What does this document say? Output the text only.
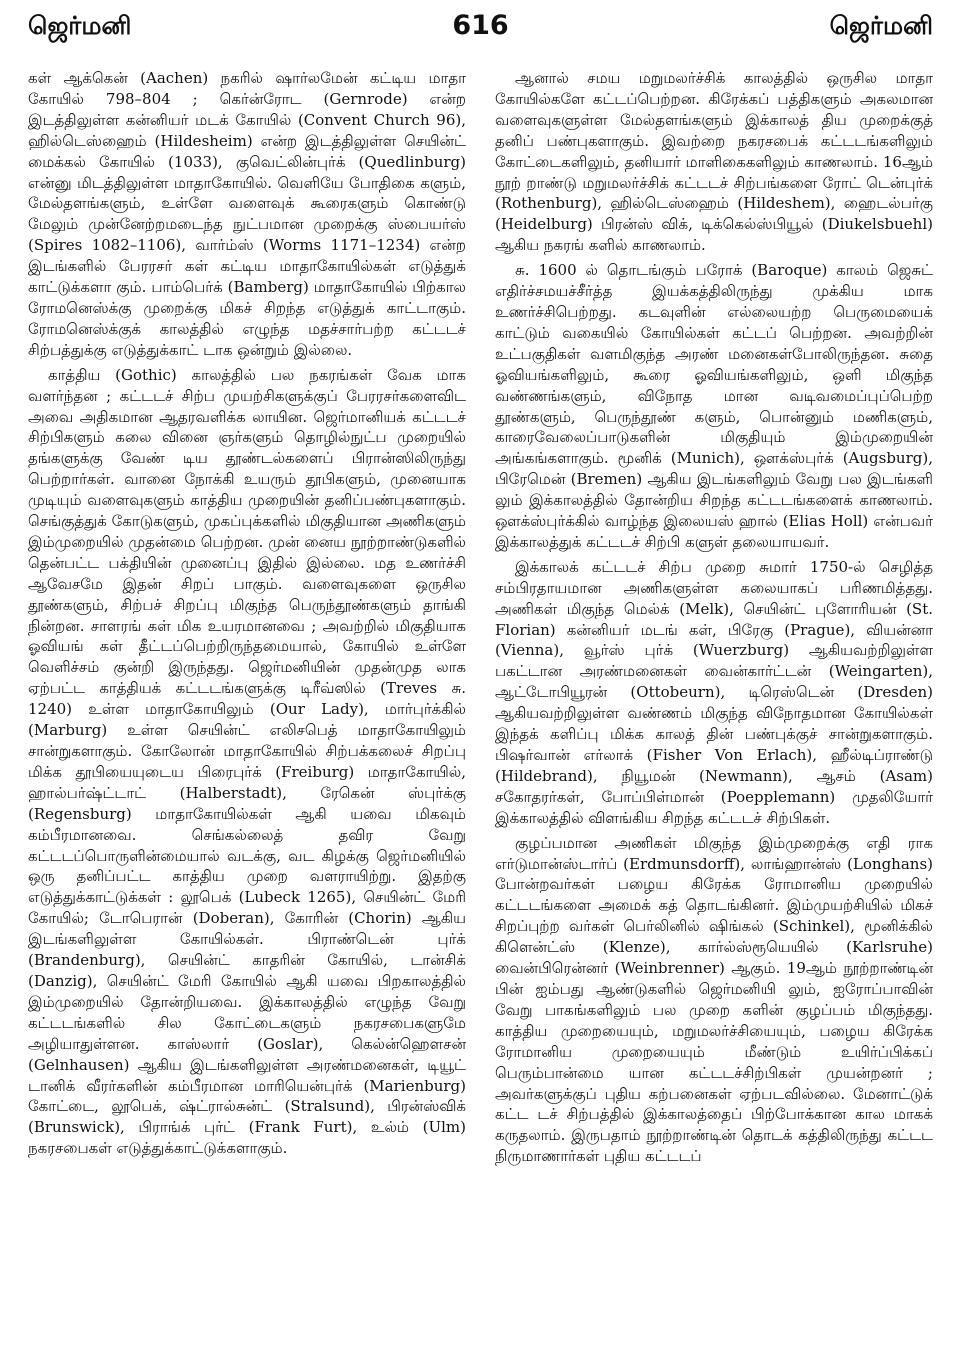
ஜெர்மனி	616	ஜெர்மனி

கள் ஆக்கென் (Aachen) நகரில் ஷார்லமேன் கட்டிய மாதா கோயில் 798–804 ; கெர்ன்ரோட (Gernrode) என்ற இடத்திலுள்ள கன்னியர் மடக் கோயில் (Convent Church 96), ஹில்டெஸ்ஹைம் (Hildesheim) என்ற இடத்திலுள்ள செயின்ட் மைக்கல் கோயில் (1033), குவெட்லின்புர்க் (Quedlinburg) என்னு மிடத்திலுள்ள மாதாகோயில். வெளியே போதிகை களும், மேல்தளங்களும், உள்ளே வளைவுக் கூரைகளும் கொண்டு மேலும் முன்னேற்றமடைந்த நுட்பமான முறைக்கு ஸ்பையர்ஸ் (Spires 1082–1106), வார்ம்ஸ் (Worms 1171–1234) என்ற இடங்களில் பேரரசர் கள் கட்டிய மாதாகோயில்கள் எடுத்துக் காட்டுக்களா கும். பாம்பெர்க் (Bamberg) மாதாகோயில் பிற்கால ரோமனெஸ்க்கு முறைக்கு மிகச் சிறந்த எடுத்துக் காட்டாகும். ரோமனெஸ்க்குக் காலத்தில் எழுந்த மதச்சார்பற்ற கட்டடச் சிற்பத்துக்கு எடுத்துக்காட் டாக ஒன்றும் இல்லை.

காத்திய (Gothic) காலத்தில் பல நகரங்கள் வேக மாக வளர்ந்தன ; கட்டடச் சிற்ப முயற்சிகளுக்குப் பேரரசர்களைவிட அவை அதிகமான ஆதரவளிக்க லாயின. ஜெர்மானியக் கட்டடச் சிற்பிகளும் கலை வினை ஞர்களும் தொழில்நுட்ப முறையில் தங்களுக்கு வேண் டிய தூண்டல்களைப் பிரான்ஸிலிருந்து பெற்றார்கள். வானை நோக்கி உயரும் தூபிகளும், முனையாக முடியும் வளைவுகளும் காத்திய முறையின் தனிப்பண்புகளாகும். செங்குத்துக் கோடுகளும், முகப்புக்களில் மிகுதியான அணிகளும் இம்முறையில் முதன்மை பெற்றன. முன் னைய நூற்றாண்டுகளில் தென்பட்ட பக்தியின் முனைப்பு இதில் இல்லை. மத உணர்ச்சி ஆவேசமே இதன் சிறப் பாகும். வளைவுகளை ஒருசில தூண்களும், சிற்பச் சிறப்பு மிகுந்த பெருந்தூண்களும் தாங்கி நின்றன. சாளரங் கள் மிக உயரமானவை ; அவற்றில் மிகுதியாக ஓவியங் கள் தீட்டப்பெற்றிருந்தமையால், கோயில் உள்ளே வெளிச்சம் குன்றி இருந்தது. ஜெர்மனியின் முதன்முத லாக ஏற்பட்ட காத்தியக் கட்டடங்களுக்கு டிரீவ்ஸில் (Treves சு. 1240) உள்ள மாதாகோயிலும் (Our Lady), மார்புர்க்கில் (Marburg) உள்ள செயின்ட் எலிசபெத் மாதாகோயிலும் சான்றுகளாகும். கோலோன் மாதாகோயில் சிற்பக்கலைச் சிறப்பு மிக்க தூபியையுடைய பிரைபுர்க் (Freiburg) மாதாகோயில், ஹால்பர்ஷ்ட்டாட் (Halberstadt), ரேகென் ஸ்புர்க்கு (Regensburg) மாதாகோயில்கள் ஆகி யவை மிகவும் கம்பீரமானவை. செங்கல்லைத் தவிர வேறு கட்டடப்பொருளின்மையால் வடக்கு, வட கிழக்கு ஜெர்மனியில் ஒரு தனிப்பட்ட காத்திய முறை வளராயிற்று. இதற்கு எடுத்துக்காட்டுக்கள் : லூபெக் (Lubeck 1265), செயின்ட் மேரி கோயில்; டோபெரான் (Doberan), கோரின் (Chorin) ஆகிய இடங்களிலுள்ள கோயில்கள். பிராண்டென் புர்க் (Brandenburg), செயின்ட் காதரின் கோயில், டான்சிக் (Danzig), செயின்ட் மேரி கோயில் ஆகி யவை பிறகாலத்தில் இம்முறையில் தோன்றியவை. இக்காலத்தில் எழுந்த வேறு கட்டடங்களில் சில கோட்டைகளும் நகரசபைகளுமே அழியாதுள்ளன. காஸ்லார் (Goslar), கெல்ன்ஹௌசன் (Gelnhausen) ஆகிய இடங்களிலுள்ள அரண்மனைகள், டியூட் டானிக் வீரர்களின் கம்பீரமான மாரியென்புர்க் (Marienburg) கோட்டை, லூபெக், ஷ்ட்ரால்சுன்ட் (Stralsund), பிரன்ஸ்விக் (Brunswick), பிராங்க் புர்ட் (Frank Furt), உல்ம் (Ulm) நகரசபைகள் எடுத்துக்காட்டுக்களாகும்.

ஆனால் சமய மறுமலர்ச்சிக் காலத்தில் ஒருசில மாதா கோயில்களே கட்டப்பெற்றன. கிரேக்கப் பத்திகளும் அகலமான வளைவுகளுள்ள மேல்தளங்களும் இக்காலத் திய முறைக்குத் தனிப் பண்புகளாகும். இவற்றை நகரசபைக் கட்டடங்களிலும் கோட்டைகளிலும், தனியார் மாளிகைகளிலும் காணலாம். 16ஆம் நூற் றாண்டு மறுமலர்ச்சிக் கட்டடச் சிற்பங்களை ரோட் டென்புர்க் (Rothenburg), ஹில்டெஸ்ஹைம் (Hildeshem), ஹைடல்பர்கு (Heidelburg) பிரன்ஸ் விக், டிக்கெல்ஸ்பியூல் (Diukelsbuehl) ஆகிய நகரங் களில் காணலாம்.

சு. 1600 ல் தொடங்கும் பரோக் (Baroque) காலம் ஜெசுட் எதிர்ச்சமயச்சீர்த்த இயக்கத்திலிருந்து முக்கிய மாக உணர்ச்சிபெற்றது. கடவுளின் எல்லையற்ற பெருமையைக் காட்டும் வகையில் கோயில்கள் கட்டப் பெற்றன. அவற்றின் உட்பகுதிகள் வளமிகுந்த அரண் மனைகள்போலிருந்தன. சுதை ஓவியங்களிலும், கூரை ஓவியங்களிலும், ஒளி மிகுந்த வண்ணங்களும், விநோத மான வடிவமைப்புப்பெற்ற தூண்களும், பெருந்தூண் களும், பொன்னும் மணிகளும், காரைவேலைப்பாடுகளின் மிகுதியும் இம்முறையின் அங்கங்களாகும். மூனிக் (Munich), ஔக்ஸ்புர்க் (Augsburg), பிரேமென் (Bremen) ஆகிய இடங்களிலும் வேறு பல இடங்களி லும் இக்காலத்தில் தோன்றிய சிறந்த கட்டடங்களைக் காணலாம். ஔக்ஸ்புர்க்கில் வாழ்ந்த இலையஸ் ஹால் (Elias Holl) என்பவர் இக்காலத்துக் கட்டடச் சிற்பி களுள் தலையாயவர்.

இக்காலக் கட்டடச் சிற்ப முறை சுமார் 1750-ல் செழித்த சம்பிரதாயமான அணிகளுள்ள கலையாகப் பரிணமித்தது. அணிகள் மிகுந்த மெல்க் (Melk), செயின்ட் புளோரியன் (St. Florian) கன்னியர் மடங் கள், பிரேகு (Prague), வியன்னா (Vienna), வூர்ஸ் புர்க் (Wuerzburg) ஆகியவற்றிலுள்ள பகட்டான அரண்மனைகள் வைன்கார்ட்டன் (Weingarten), ஆட்டோபியூரன் (Ottobeurn), டிரெஸ்டென் (Dresden) ஆகியவற்றிலுள்ள வண்ணம் மிகுந்த விநோதமான கோயில்கள் இந்தக் களிப்பு மிக்க காலத் தின் பண்புக்குச் சான்றுகளாகும். பிஷர்வான் எர்லாக் (Fisher Von Erlach), ஹீல்டிப்ராண்டு (Hildebrand), நியூமன் (Newmann), ஆசம் (Asam) சகோதரர்கள், போப்பிள்மான் (Poepplemann) முதலியோர் இக்காலத்தில் விளங்கிய சிறந்த கட்டடச் சிற்பிகள்.

குழப்பமான அணிகள் மிகுந்த இம்முறைக்கு எதி ராக எர்டுமான்ஸ்டார்ப் (Erdmunsdorff), லாங்ஹான்ஸ் (Longhans) போன்றவர்கள் பழைய கிரேக்க ரோமானிய முறையில் கட்டடங்களை அமைக் கத் தொடங்கினர். இம்முயற்சியில் மிகச் சிறப்புற்ற வர்கள் பெர்லினில் ஷிங்கல் (Schinkel), மூனிக்கில் கிளென்ட்ஸ் (Klenze), கார்ல்ஸ்ரூயெயில் (Karlsruhe) வைன்பிரென்னர் (Weinbrenner) ஆகும். 19ஆம் நூற்றாண்டின் பின் ஐம்பது ஆண்டுகளில் ஜெர்மனியி லும், ஐரோப்பாவின் வேறு பாகங்களிலும் பல முறை களின் குழப்பம் மிகுந்தது. காத்திய முறையையும், மறுமலர்ச்சியையும், பழைய கிரேக்க ரோமானிய முறையையும் மீண்டும் உயிர்ப்பிக்கப் பெரும்பான்மை யான கட்டடச்சிற்பிகள் முயன்றனர் ; அவர்களுக்குப் புதிய கற்பனைகள் ஏற்படவில்லை. மேனாட்டுக் கட்ட டச் சிற்பத்தில் இக்காலத்தைப் பிற்போக்கான கால மாகக் கருதலாம். இருபதாம் நூற்றாண்டின் தொடக் கத்திலிருந்து கட்டட நிருமாணார்கள் புதிய கட்டடப்
